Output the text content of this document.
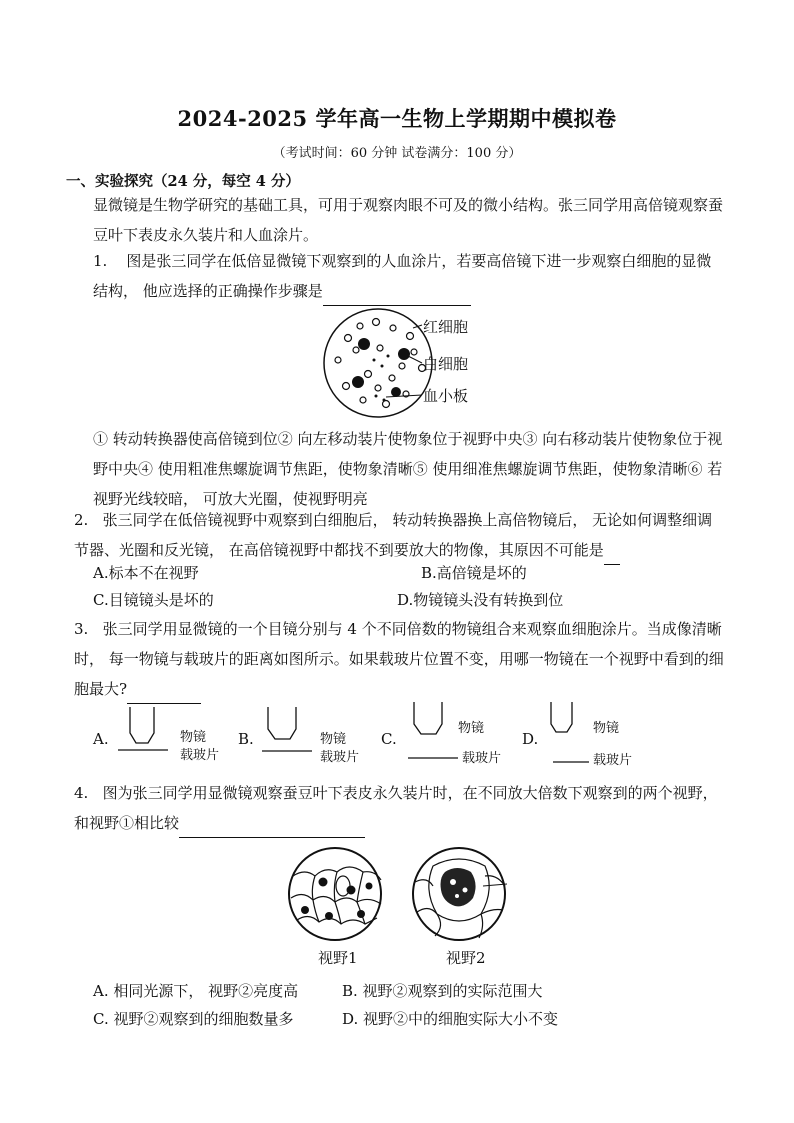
2024-2025 学年高一生物上学期期中模拟卷
（考试时间：60 分钟 试卷满分：100 分）
一、实验探究（24 分，每空 4 分）
显微镜是生物学研究的基础工具，可用于观察肉眼不可及的微小结构。张三同学用高倍镜观察蚕豆叶下表皮永久装片和人血涂片。
1. 图是张三同学在低倍显微镜下观察到的人血涂片，若要高倍镜下进一步观察白细胞的显微结构， 他应选择的正确操作步骤是
红细胞
白细胞
血小板
① 转动转换器使高倍镜到位② 向左移动装片使物象位于视野中央③ 向右移动装片使物象位于视野中央④ 使用粗准焦螺旋调节焦距，使物象清晰⑤ 使用细准焦螺旋调节焦距，使物象清晰⑥ 若视野光线较暗， 可放大光圈，使视野明亮
2. 张三同学在低倍镜视野中观察到白细胞后， 转动转换器换上高倍物镜后， 无论如何调整细调节器、光圈和反光镜， 在高倍镜视野中都找不到要放大的物像，其原因不可能是
A.标本不在视野	B.高倍镜是坏的
C.目镜镜头是坏的	D.物镜镜头没有转换到位
3. 张三同学用显微镜的一个目镜分别与 4 个不同倍数的物镜组合来观察血细胞涂片。当成像清晰时， 每一物镜与载玻片的距离如图所示。如果载玻片位置不变，用哪一物镜在一个视野中看到的细胞最大?
A.	物镜
载玻片
B.	物镜
载玻片
C.
物镜
载玻片
D.
物镜
载玻片
4. 图为张三同学用显微镜观察蚕豆叶下表皮永久装片时，在不同放大倍数下观察到的两个视野， 和视野①相比较
视野1	视野2
A. 相同光源下， 视野②亮度高	B. 视野②观察到的实际范围大
C. 视野②观察到的细胞数量多	D. 视野②中的细胞实际大小不变
